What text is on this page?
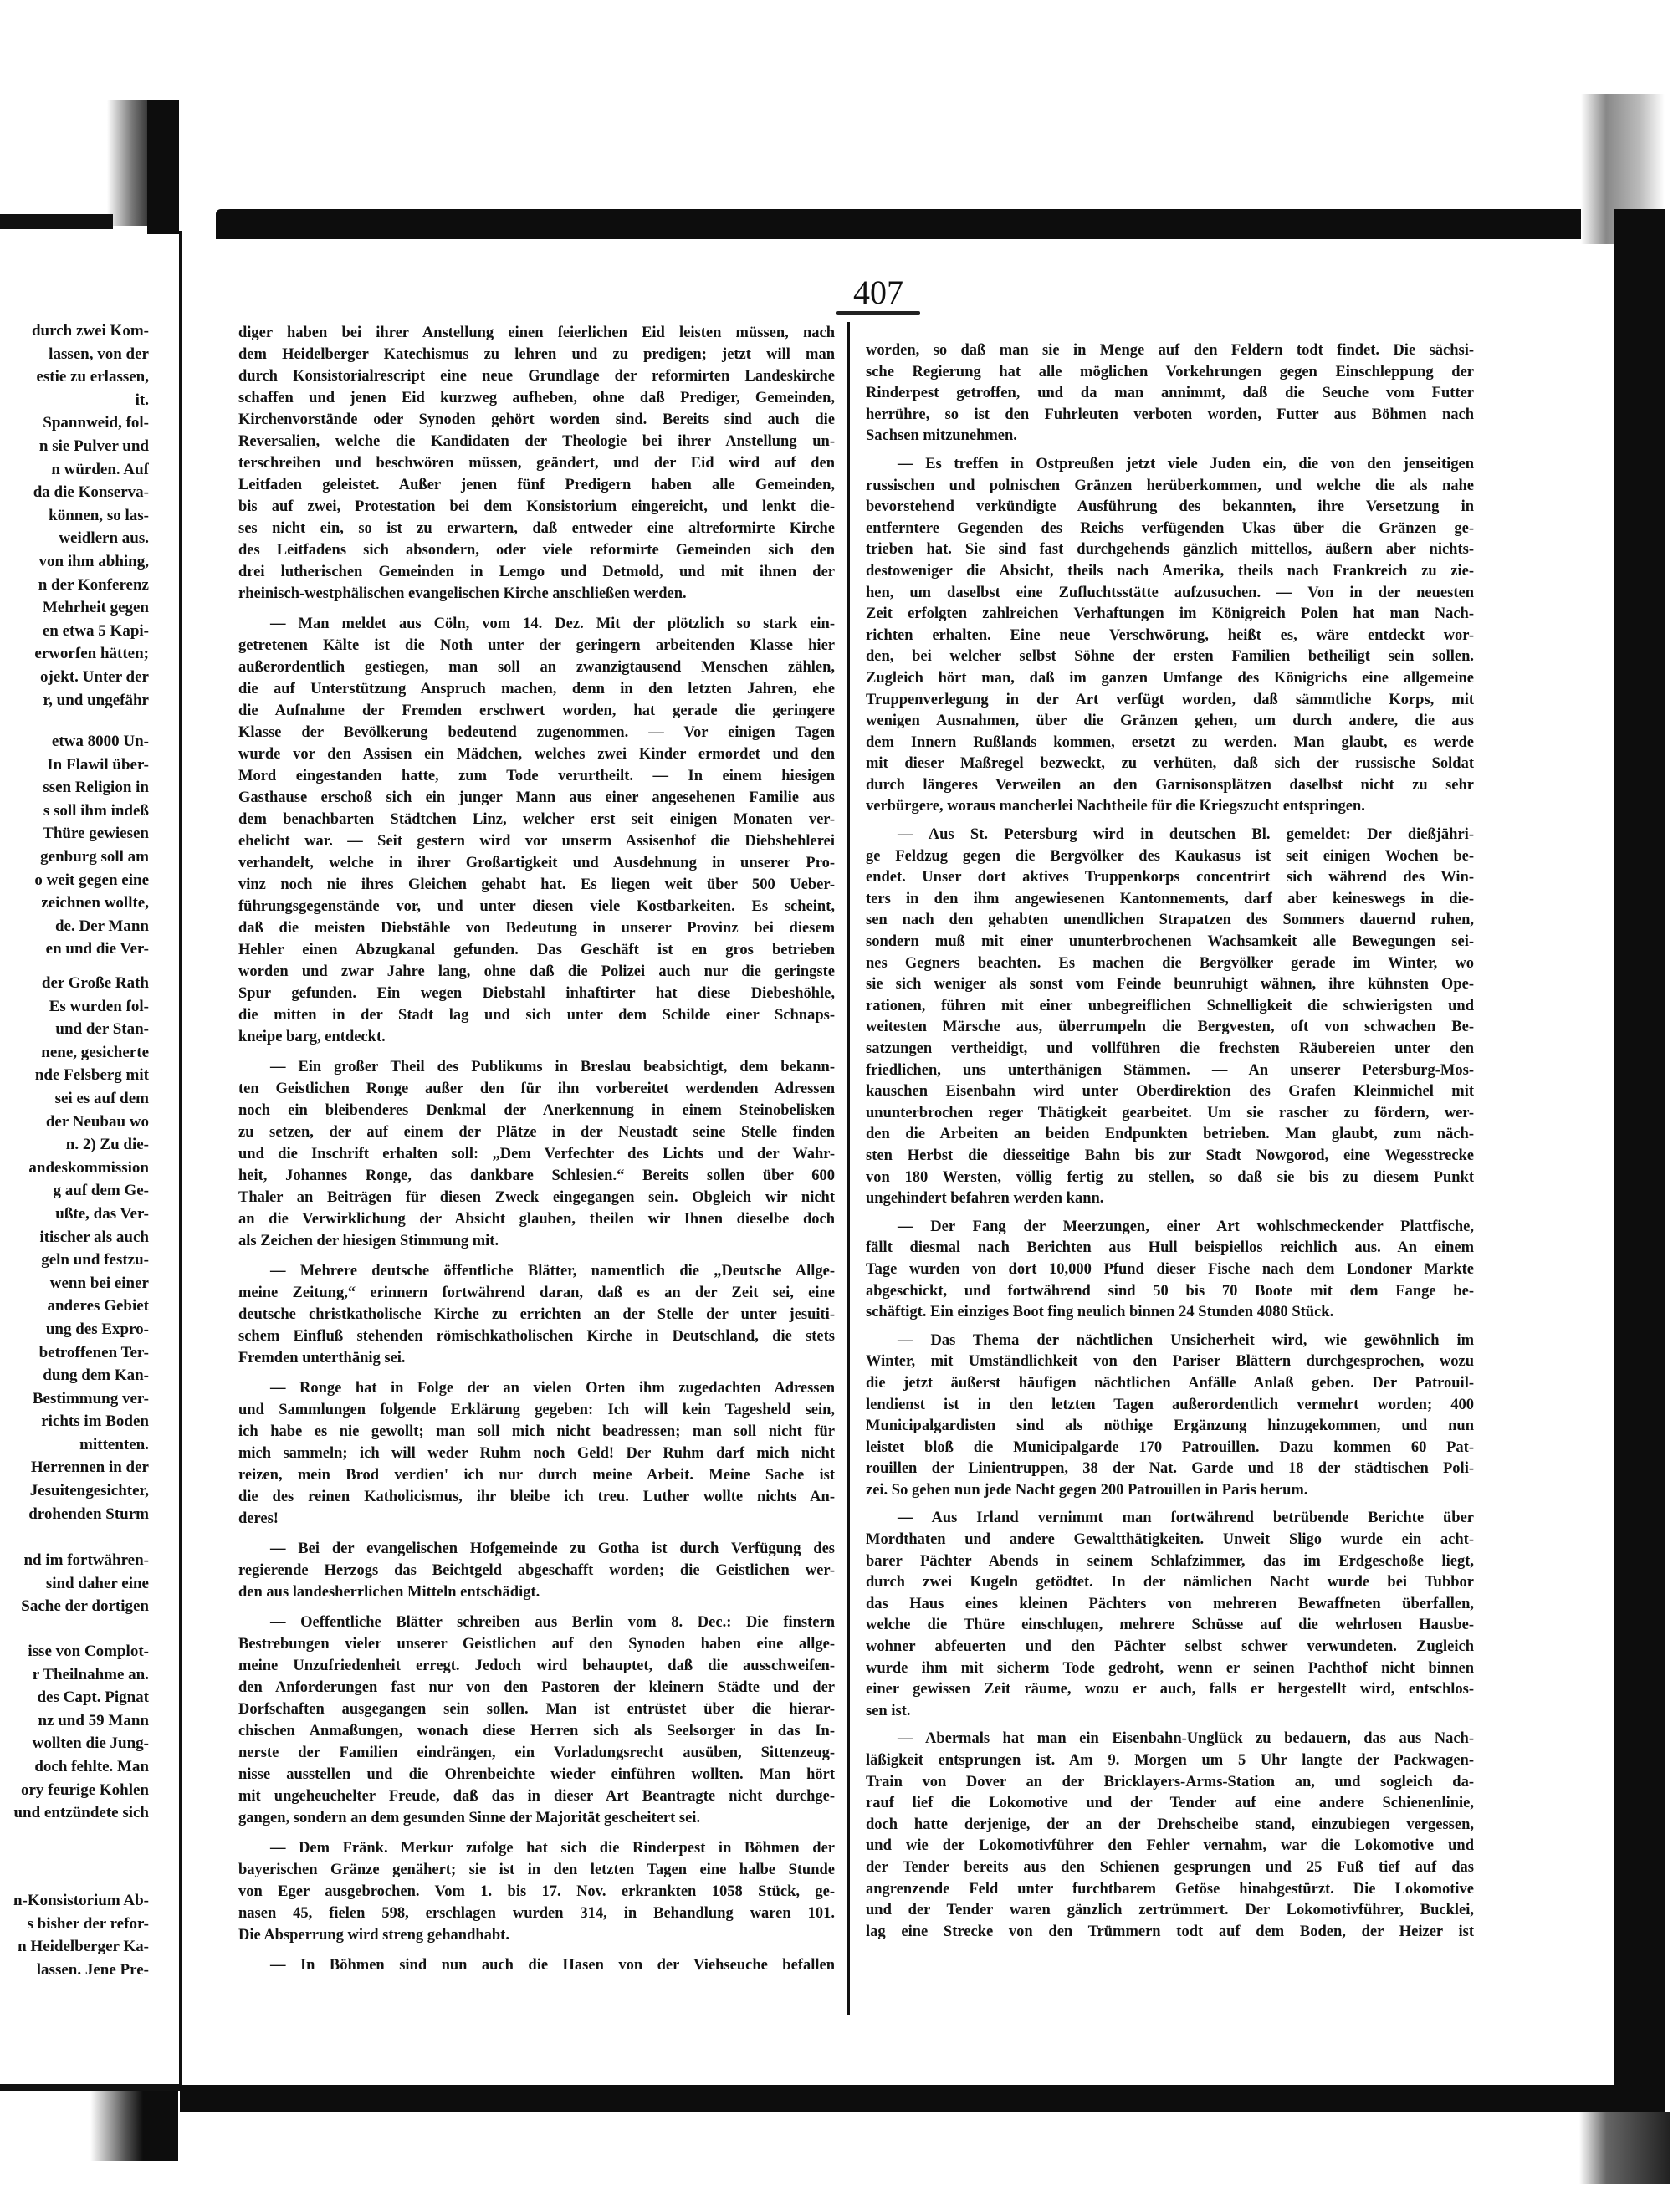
407
durch zwei Kom-
lassen, von der
estie zu erlassen,
it.
Spannweid, fol-
n sie Pulver und
n würden. Auf
da die Konserva-
können, so las-
weidlern aus.
von ihm abhing,
n der Konferenz
Mehrheit gegen
en etwa 5 Kapi-
erworfen hätten;
ojekt. Unter der
r, und ungefähr
etwa 8000 Un-
In Flawil über-
ssen Religion in
s soll ihm indeß
Thüre gewiesen
genburg soll am
o weit gegen eine
zeichnen wollte,
de. Der Mann
en und die Ver-
der Große Rath
Es wurden fol-
und der Stan-
nene, gesicherte
nde Felsberg mit
sei es auf dem
der Neubau wo
n. 2) Zu die-
andeskommission
g auf dem Ge-
ußte, das Ver-
itischer als auch
geln und festzu-
wenn bei einer
anderes Gebiet
ung des Expro-
betroffenen Ter-
dung dem Kan-
Bestimmung ver-
richts im Boden
mittenten.
Herrennen in der
Jesuitengesichter,
drohenden Sturm
nd im fortwähren-
sind daher eine
Sache der dortigen
isse von Complot-
r Theilnahme an.
des Capt. Pignat
nz und 59 Mann
wollten die Jung-
doch fehlte. Man
ory feurige Kohlen
und entzündete sich
n-Konsistorium Ab-
s bisher der refor-
n Heidelberger Ka-
lassen. Jene Pre-
diger haben bei ihrer Anstellung einen feierlichen Eid leisten müssen, nach
dem Heidelberger Katechismus zu lehren und zu predigen; jetzt will man
durch Konsistorialrescript eine neue Grundlage der reformirten Landeskirche
schaffen und jenen Eid kurzweg aufheben, ohne daß Prediger, Gemeinden,
Kirchenvorstände oder Synoden gehört worden sind. Bereits sind auch die
Reversalien, welche die Kandidaten der Theologie bei ihrer Anstellung un-
terschreiben und beschwören müssen, geändert, und der Eid wird auf den
Leitfaden geleistet. Außer jenen fünf Predigern haben alle Gemeinden,
bis auf zwei, Protestation bei dem Konsistorium eingereicht, und lenkt die-
ses nicht ein, so ist zu erwartern, daß entweder eine altreformirte Kirche
des Leitfadens sich absondern, oder viele reformirte Gemeinden sich den
drei lutherischen Gemeinden in Lemgo und Detmold, und mit ihnen der
rheinisch-westphälischen evangelischen Kirche anschließen werden.
— Man meldet aus Cöln, vom 14. Dez. Mit der plötzlich so stark ein-
getretenen Kälte ist die Noth unter der geringern arbeitenden Klasse hier
außerordentlich gestiegen, man soll an zwanzigtausend Menschen zählen,
die auf Unterstützung Anspruch machen, denn in den letzten Jahren, ehe
die Aufnahme der Fremden erschwert worden, hat gerade die geringere
Klasse der Bevölkerung bedeutend zugenommen. — Vor einigen Tagen
wurde vor den Assisen ein Mädchen, welches zwei Kinder ermordet und den
Mord eingestanden hatte, zum Tode verurtheilt. — In einem hiesigen
Gasthause erschoß sich ein junger Mann aus einer angesehenen Familie aus
dem benachbarten Städtchen Linz, welcher erst seit einigen Monaten ver-
ehelicht war. — Seit gestern wird vor unserm Assisenhof die Diebshehlerei
verhandelt, welche in ihrer Großartigkeit und Ausdehnung in unserer Pro-
vinz noch nie ihres Gleichen gehabt hat. Es liegen weit über 500 Ueber-
führungsgegenstände vor, und unter diesen viele Kostbarkeiten. Es scheint,
daß die meisten Diebstähle von Bedeutung in unserer Provinz bei diesem
Hehler einen Abzugkanal gefunden. Das Geschäft ist en gros betrieben
worden und zwar Jahre lang, ohne daß die Polizei auch nur die geringste
Spur gefunden. Ein wegen Diebstahl inhaftirter hat diese Diebeshöhle,
die mitten in der Stadt lag und sich unter dem Schilde einer Schnaps-
kneipe barg, entdeckt.
— Ein großer Theil des Publikums in Breslau beabsichtigt, dem bekann-
ten Geistlichen Ronge außer den für ihn vorbereitet werdenden Adressen
noch ein bleibenderes Denkmal der Anerkennung in einem Steinobelisken
zu setzen, der auf einem der Plätze in der Neustadt seine Stelle finden
und die Inschrift erhalten soll: „Dem Verfechter des Lichts und der Wahr-
heit, Johannes Ronge, das dankbare Schlesien.“ Bereits sollen über 600
Thaler an Beiträgen für diesen Zweck eingegangen sein. Obgleich wir nicht
an die Verwirklichung der Absicht glauben, theilen wir Ihnen dieselbe doch
als Zeichen der hiesigen Stimmung mit.
— Mehrere deutsche öffentliche Blätter, namentlich die „Deutsche Allge-
meine Zeitung,“ erinnern fortwährend daran, daß es an der Zeit sei, eine
deutsche christkatholische Kirche zu errichten an der Stelle der unter jesuiti-
schem Einfluß stehenden römischkatholischen Kirche in Deutschland, die stets
Fremden unterthänig sei.
— Ronge hat in Folge der an vielen Orten ihm zugedachten Adressen
und Sammlungen folgende Erklärung gegeben: Ich will kein Tagesheld sein,
ich habe es nie gewollt; man soll mich nicht beadressen; man soll nicht für
mich sammeln; ich will weder Ruhm noch Geld! Der Ruhm darf mich nicht
reizen, mein Brod verdien' ich nur durch meine Arbeit. Meine Sache ist
die des reinen Katholicismus, ihr bleibe ich treu. Luther wollte nichts An-
deres!
— Bei der evangelischen Hofgemeinde zu Gotha ist durch Verfügung des
regierende Herzogs das Beichtgeld abgeschafft worden; die Geistlichen wer-
den aus landesherrlichen Mitteln entschädigt.
— Oeffentliche Blätter schreiben aus Berlin vom 8. Dec.: Die finstern
Bestrebungen vieler unserer Geistlichen auf den Synoden haben eine allge-
meine Unzufriedenheit erregt. Jedoch wird behauptet, daß die ausschweifen-
den Anforderungen fast nur von den Pastoren der kleinern Städte und der
Dorfschaften ausgegangen sein sollen. Man ist entrüstet über die hierar-
chischen Anmaßungen, wonach diese Herren sich als Seelsorger in das In-
nerste der Familien eindrängen, ein Vorladungsrecht ausüben, Sittenzeug-
nisse ausstellen und die Ohrenbeichte wieder einführen wollten. Man hört
mit ungeheuchelter Freude, daß das in dieser Art Beantragte nicht durchge-
gangen, sondern an dem gesunden Sinne der Majorität gescheitert sei.
— Dem Fränk. Merkur zufolge hat sich die Rinderpest in Böhmen der
bayerischen Gränze genähert; sie ist in den letzten Tagen eine halbe Stunde
von Eger ausgebrochen. Vom 1. bis 17. Nov. erkrankten 1058 Stück, ge-
nasen 45, fielen 598, erschlagen wurden 314, in Behandlung waren 101.
Die Absperrung wird streng gehandhabt.
— In Böhmen sind nun auch die Hasen von der Viehseuche befallen
worden, so daß man sie in Menge auf den Feldern todt findet. Die sächsi-
sche Regierung hat alle möglichen Vorkehrungen gegen Einschleppung der
Rinderpest getroffen, und da man annimmt, daß die Seuche vom Futter
herrühre, so ist den Fuhrleuten verboten worden, Futter aus Böhmen nach
Sachsen mitzunehmen.
— Es treffen in Ostpreußen jetzt viele Juden ein, die von den jenseitigen
russischen und polnischen Gränzen herüberkommen, und welche die als nahe
bevorstehend verkündigte Ausführung des bekannten, ihre Versetzung in
entferntere Gegenden des Reichs verfügenden Ukas über die Gränzen ge-
trieben hat. Sie sind fast durchgehends gänzlich mittellos, äußern aber nichts-
destoweniger die Absicht, theils nach Amerika, theils nach Frankreich zu zie-
hen, um daselbst eine Zufluchtsstätte aufzusuchen. — Von in der neuesten
Zeit erfolgten zahlreichen Verhaftungen im Königreich Polen hat man Nach-
richten erhalten. Eine neue Verschwörung, heißt es, wäre entdeckt wor-
den, bei welcher selbst Söhne der ersten Familien betheiligt sein sollen.
Zugleich hört man, daß im ganzen Umfange des Königrichs eine allgemeine
Truppenverlegung in der Art verfügt worden, daß sämmtliche Korps, mit
wenigen Ausnahmen, über die Gränzen gehen, um durch andere, die aus
dem Innern Rußlands kommen, ersetzt zu werden. Man glaubt, es werde
mit dieser Maßregel bezweckt, zu verhüten, daß sich der russische Soldat
durch längeres Verweilen an den Garnisonsplätzen daselbst nicht zu sehr
verbürgere, woraus mancherlei Nachtheile für die Kriegszucht entspringen.
— Aus St. Petersburg wird in deutschen Bl. gemeldet: Der dießjähri-
ge Feldzug gegen die Bergvölker des Kaukasus ist seit einigen Wochen be-
endet. Unser dort aktives Truppenkorps concentrirt sich während des Win-
ters in den ihm angewiesenen Kantonnements, darf aber keineswegs in die-
sen nach den gehabten unendlichen Strapatzen des Sommers dauernd ruhen,
sondern muß mit einer ununterbrochenen Wachsamkeit alle Bewegungen sei-
nes Gegners beachten. Es machen die Bergvölker gerade im Winter, wo
sie sich weniger als sonst vom Feinde beunruhigt wähnen, ihre kühnsten Ope-
rationen, führen mit einer unbegreiflichen Schnelligkeit die schwierigsten und
weitesten Märsche aus, überrumpeln die Bergvesten, oft von schwachen Be-
satzungen vertheidigt, und vollführen die frechsten Räubereien unter den
friedlichen, uns unterthänigen Stämmen. — An unserer Petersburg-Mos-
kauschen Eisenbahn wird unter Oberdirektion des Grafen Kleinmichel mit
ununterbrochen reger Thätigkeit gearbeitet. Um sie rascher zu fördern, wer-
den die Arbeiten an beiden Endpunkten betrieben. Man glaubt, zum näch-
sten Herbst die diesseitige Bahn bis zur Stadt Nowgorod, eine Wegesstrecke
von 180 Wersten, völlig fertig zu stellen, so daß sie bis zu diesem Punkt
ungehindert befahren werden kann.
— Der Fang der Meerzungen, einer Art wohlschmeckender Plattfische,
fällt diesmal nach Berichten aus Hull beispiellos reichlich aus. An einem
Tage wurden von dort 10,000 Pfund dieser Fische nach dem Londoner Markte
abgeschickt, und fortwährend sind 50 bis 70 Boote mit dem Fange be-
schäftigt. Ein einziges Boot fing neulich binnen 24 Stunden 4080 Stück.
— Das Thema der nächtlichen Unsicherheit wird, wie gewöhnlich im
Winter, mit Umständlichkeit von den Pariser Blättern durchgesprochen, wozu
die jetzt äußerst häufigen nächtlichen Anfälle Anlaß geben. Der Patrouil-
lendienst ist in den letzten Tagen außerordentlich vermehrt worden; 400
Municipalgardisten sind als nöthige Ergänzung hinzugekommen, und nun
leistet bloß die Municipalgarde 170 Patrouillen. Dazu kommen 60 Pat-
rouillen der Linientruppen, 38 der Nat. Garde und 18 der städtischen Poli-
zei. So gehen nun jede Nacht gegen 200 Patrouillen in Paris herum.
— Aus Irland vernimmt man fortwährend betrübende Berichte über
Mordthaten und andere Gewaltthätigkeiten. Unweit Sligo wurde ein acht-
barer Pächter Abends in seinem Schlafzimmer, das im Erdgeschoße liegt,
durch zwei Kugeln getödtet. In der nämlichen Nacht wurde bei Tubbor
das Haus eines kleinen Pächters von mehreren Bewaffneten überfallen,
welche die Thüre einschlugen, mehrere Schüsse auf die wehrlosen Hausbe-
wohner abfeuerten und den Pächter selbst schwer verwundeten. Zugleich
wurde ihm mit sicherm Tode gedroht, wenn er seinen Pachthof nicht binnen
einer gewissen Zeit räume, wozu er auch, falls er hergestellt wird, entschlos-
sen ist.
— Abermals hat man ein Eisenbahn-Unglück zu bedauern, das aus Nach-
läßigkeit entsprungen ist. Am 9. Morgen um 5 Uhr langte der Packwagen-
Train von Dover an der Bricklayers-Arms-Station an, und sogleich da-
rauf lief die Lokomotive und der Tender auf eine andere Schienenlinie,
doch hatte derjenige, der an der Drehscheibe stand, einzubiegen vergessen,
und wie der Lokomotivführer den Fehler vernahm, war die Lokomotive und
der Tender bereits aus den Schienen gesprungen und 25 Fuß tief auf das
angrenzende Feld unter furchtbarem Getöse hinabgestürzt. Die Lokomotive
und der Tender waren gänzlich zertrümmert. Der Lokomotivführer, Bucklei,
lag eine Strecke von den Trümmern todt auf dem Boden, der Heizer ist
